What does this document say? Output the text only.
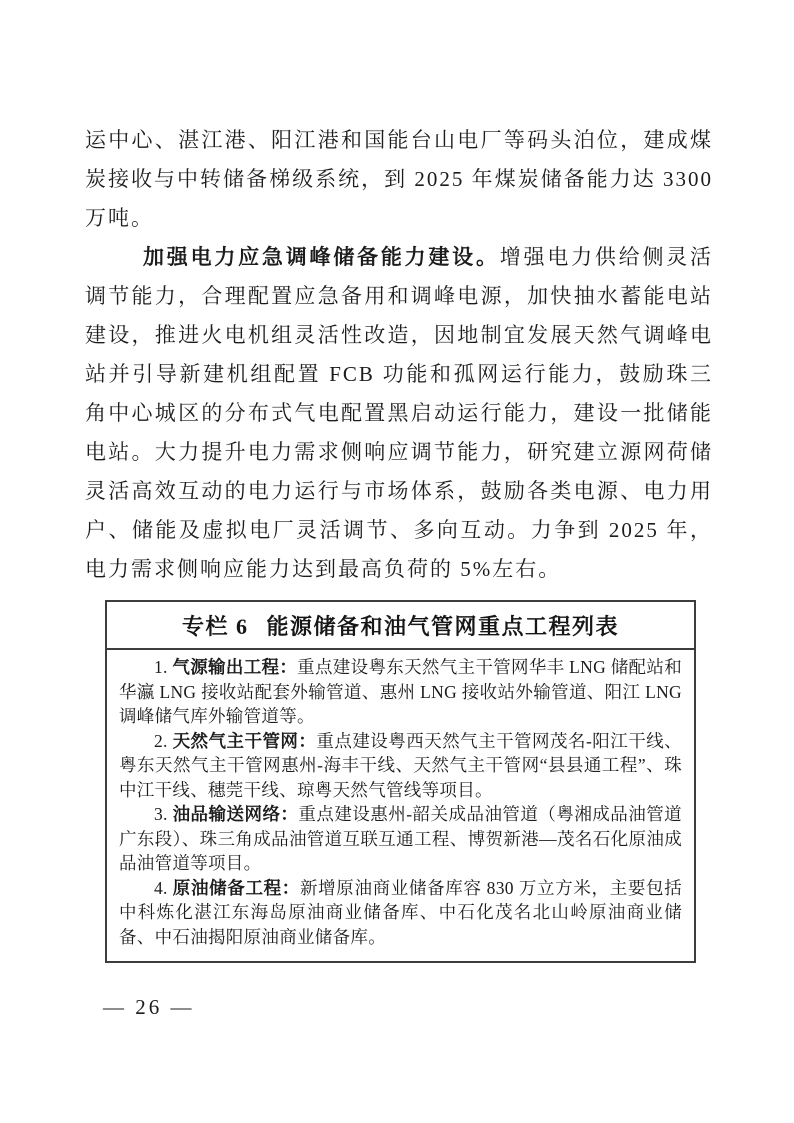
运中心、湛江港、阳江港和国能台山电厂等码头泊位，建成煤炭接收与中转储备梯级系统，到 2025 年煤炭储备能力达 3300 万吨。

加强电力应急调峰储备能力建设。增强电力供给侧灵活调节能力，合理配置应急备用和调峰电源，加快抽水蓄能电站建设，推进火电机组灵活性改造，因地制宜发展天然气调峰电站并引导新建机组配置 FCB 功能和孤网运行能力，鼓励珠三角中心城区的分布式气电配置黑启动运行能力，建设一批储能电站。大力提升电力需求侧响应调节能力，研究建立源网荷储灵活高效互动的电力运行与市场体系，鼓励各类电源、电力用户、储能及虚拟电厂灵活调节、多向互动。力争到 2025 年，电力需求侧响应能力达到最高负荷的 5%左右。

专栏 6 能源储备和油气管网重点工程列表

1. 气源输出工程：重点建设粤东天然气主干管网华丰 LNG 储配站和华瀛 LNG 接收站配套外输管道、惠州 LNG 接收站外输管道、阳江 LNG 调峰储气库外输管道等。

2. 天然气主干管网：重点建设粤西天然气主干管网茂名-阳江干线、粤东天然气主干管网惠州-海丰干线、天然气主干管网“县县通工程”、珠中江干线、穗莞干线、琼粤天然气管线等项目。

3. 油品输送网络：重点建设惠州-韶关成品油管道（粤湘成品油管道广东段）、珠三角成品油管道互联互通工程、博贺新港—茂名石化原油成品油管道等项目。

4. 原油储备工程：新增原油商业储备库容 830 万立方米，主要包括中科炼化湛江东海岛原油商业储备库、中石化茂名北山岭原油商业储备、中石油揭阳原油商业储备库。

— 26 —
